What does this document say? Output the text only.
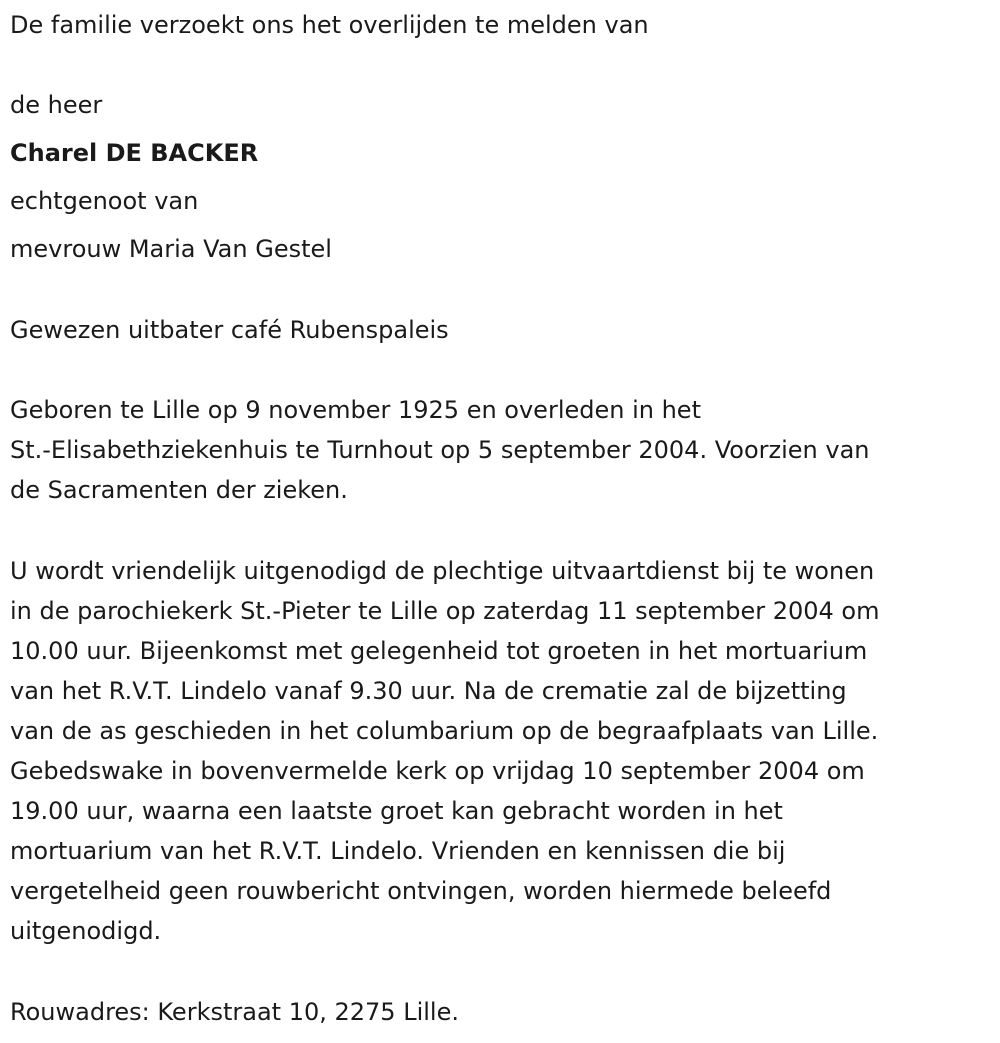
De familie verzoekt ons het overlijden te melden van
de heer
Charel DE BACKER
echtgenoot van
mevrouw Maria Van Gestel
Gewezen uitbater café Rubenspaleis
Geboren te Lille op 9 november 1925 en overleden in het
St.-Elisabethziekenhuis te Turnhout op 5 september 2004. Voorzien van
de Sacramenten der zieken.
U wordt vriendelijk uitgenodigd de plechtige uitvaartdienst bij te wonen
in de parochiekerk St.-Pieter te Lille op zaterdag 11 september 2004 om
10.00 uur. Bijeenkomst met gelegenheid tot groeten in het mortuarium
van het R.V.T. Lindelo vanaf 9.30 uur. Na de crematie zal de bijzetting
van de as geschieden in het columbarium op de begraafplaats van Lille.
Gebedswake in bovenvermelde kerk op vrijdag 10 september 2004 om
19.00 uur, waarna een laatste groet kan gebracht worden in het
mortuarium van het R.V.T. Lindelo. Vrienden en kennissen die bij
vergetelheid geen rouwbericht ontvingen, worden hiermede beleefd
uitgenodigd.
Rouwadres: Kerkstraat 10, 2275 Lille.
